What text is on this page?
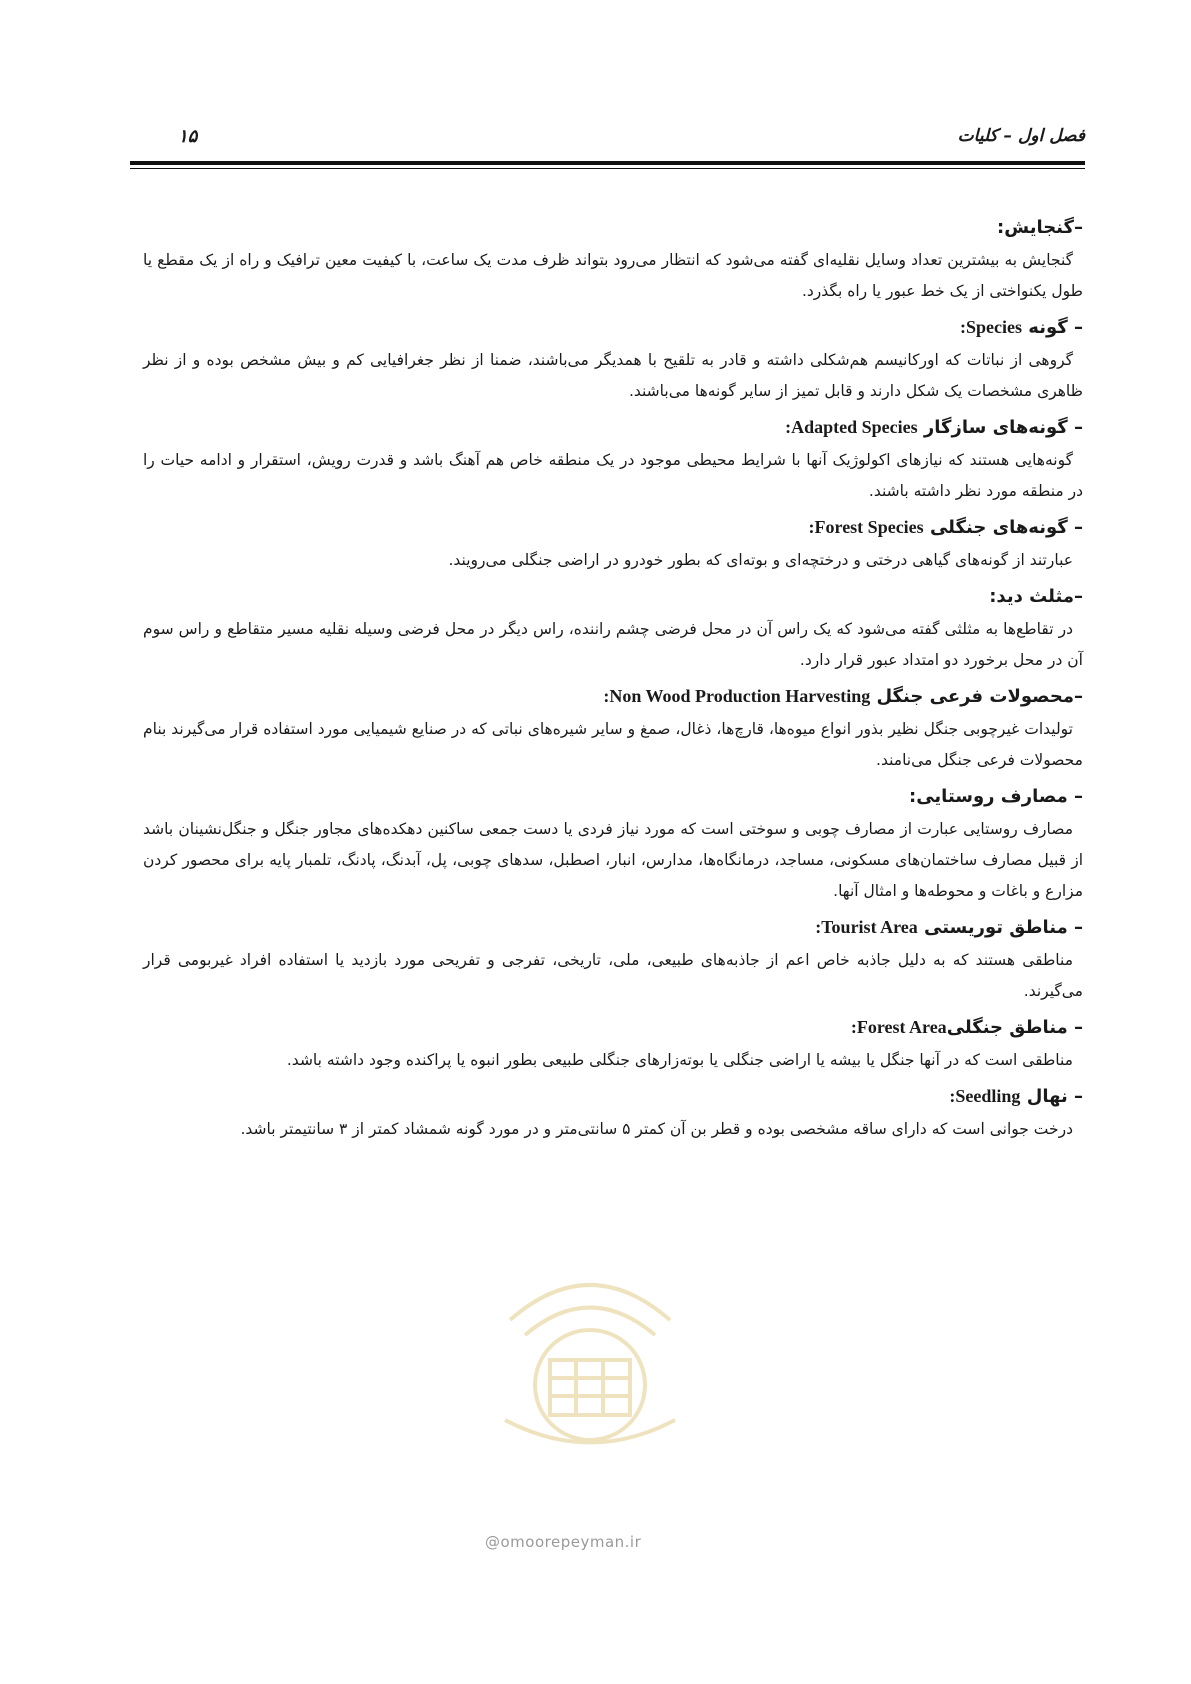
فصل اول – کلیات
۱۵

–گنجایش:

گنجایش به بیشترین تعداد وسایل نقلیه‌ای گفته می‌شود که انتظار می‌رود بتواند ظرف مدت یک ساعت، با کیفیت معین ترافیک و راه از یک مقطع یا طول یکنواختی از یک خط عبور یا راه بگذرد.

– گونه Species:

گروهی از نباتات که اورکانیسم هم‌شکلی داشته و قادر به تلقیح با همدیگر می‌باشند، ضمنا از نظر جغرافیایی کم و بیش مشخص بوده و از نظر ظاهری مشخصات یک شکل دارند و قابل تمیز از سایر گونه‌ها می‌باشند.

– گونه‌های سازگار Adapted Species:

گونه‌هایی هستند که نیازهای اکولوژیک آنها با شرایط محیطی موجود در یک منطقه خاص هم آهنگ باشد و قدرت رویش، استقرار و ادامه حیات را در منطقه مورد نظر داشته باشند.

– گونه‌های جنگلی Forest Species:

عبارتند از گونه‌های گیاهی درختی و درختچه‌ای و بوته‌ای که بطور خودرو در اراضی جنگلی می‌رویند.

–مثلث دید:

در تقاطع‌ها به مثلثی گفته می‌شود که یک راس آن در محل فرضی چشم راننده، راس دیگر در محل فرضی وسیله نقلیه مسیر متقاطع و راس سوم آن در محل برخورد دو امتداد عبور قرار دارد.

–محصولات فرعی جنگل Non Wood Production Harvesting:

تولیدات غیرچوبی جنگل نظیر بذور انواع میوه‌ها، قارچ‌ها، ذغال، صمغ و سایر شیره‌های نباتی که در صنایع شیمیایی مورد استفاده قرار می‌گیرند بنام محصولات فرعی جنگل می‌نامند.

– مصارف روستایی:

مصارف روستایی عبارت از مصارف چوبی و سوختی است که مورد نیاز فردی یا دست جمعی ساکنین دهکده‌های مجاور جنگل و جنگل‌نشینان باشد از قبیل مصارف ساختمان‌های مسکونی، مساجد، درمانگاه‌ها، مدارس، انبار، اصطبل، سدهای چوبی، پل، آبدنگ، پادنگ، تلمبار پایه برای محصور کردن مزارع و باغات و محوطه‌ها و امثال آنها.

– مناطق توریستی Tourist Area:

مناطقی هستند که به دلیل جاذبه خاص اعم از جاذبه‌های طبیعی، ملی، تاریخی، تفرجی و تفریحی مورد بازدید یا استفاده افراد غیربومی قرار می‌گیرند.

– مناطق جنگلیForest Area:

مناطقی است که در آنها جنگل یا بیشه یا اراضی جنگلی یا بوته‌زارهای جنگلی طبیعی بطور انبوه یا پراکنده وجود داشته باشد.

– نهال Seedling:

درخت جوانی است که دارای ساقه مشخصی بوده و قطر بن آن کمتر ۵ سانتی‌متر و در مورد گونه شمشاد کمتر از ۳ سانتیمتر باشد.

@omoorepeyman.ir
